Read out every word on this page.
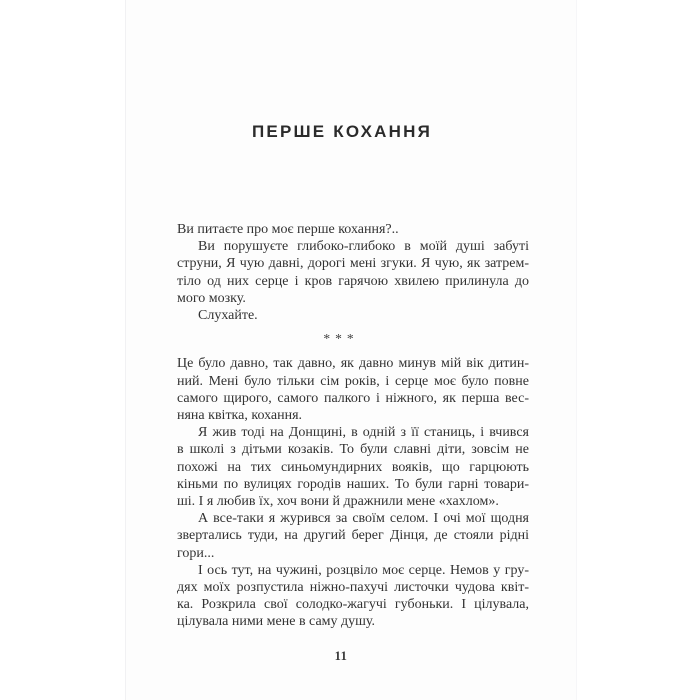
ПЕРШЕ КОХАННЯ
Ви питаєте про моє перше кохання?..
Ви порушуєте глибоко-глибоко в моїй душі забуті
струни, Я чую давні, дорогі мені згуки. Я чую, як затрем-
тіло од них серце і кров гарячою хвилею прилинула до
мого мозку.
Слухайте.
***
Це було давно, так давно, як давно минув мій вік дитин-
ний. Мені було тільки сім років, і серце моє було повне
самого щирого, самого палкого і ніжного, як перша вес-
няна квітка, кохання.
Я жив тоді на Донщині, в одній з її станиць, і вчився
в школі з дітьми козаків. То були славні діти, зовсім не
похожі на тих синьомундирних вояків, що гарцюють
кіньми по вулицях городів наших. То були гарні товари-
ші. І я любив їх, хоч вони й дражнили мене «хахлом».
А все-таки я журився за своїм селом. І очі мої щодня
звертались туди, на другий берег Дінця, де стояли рідні
гори...
І ось тут, на чужині, розцвіло моє серце. Немов у гру-
дях моїх розпустила ніжно-пахучі листочки чудова квіт-
ка. Розкрила свої солодко-жагучі губоньки. І цілувала,
цілувала ними мене в саму душу.
11
